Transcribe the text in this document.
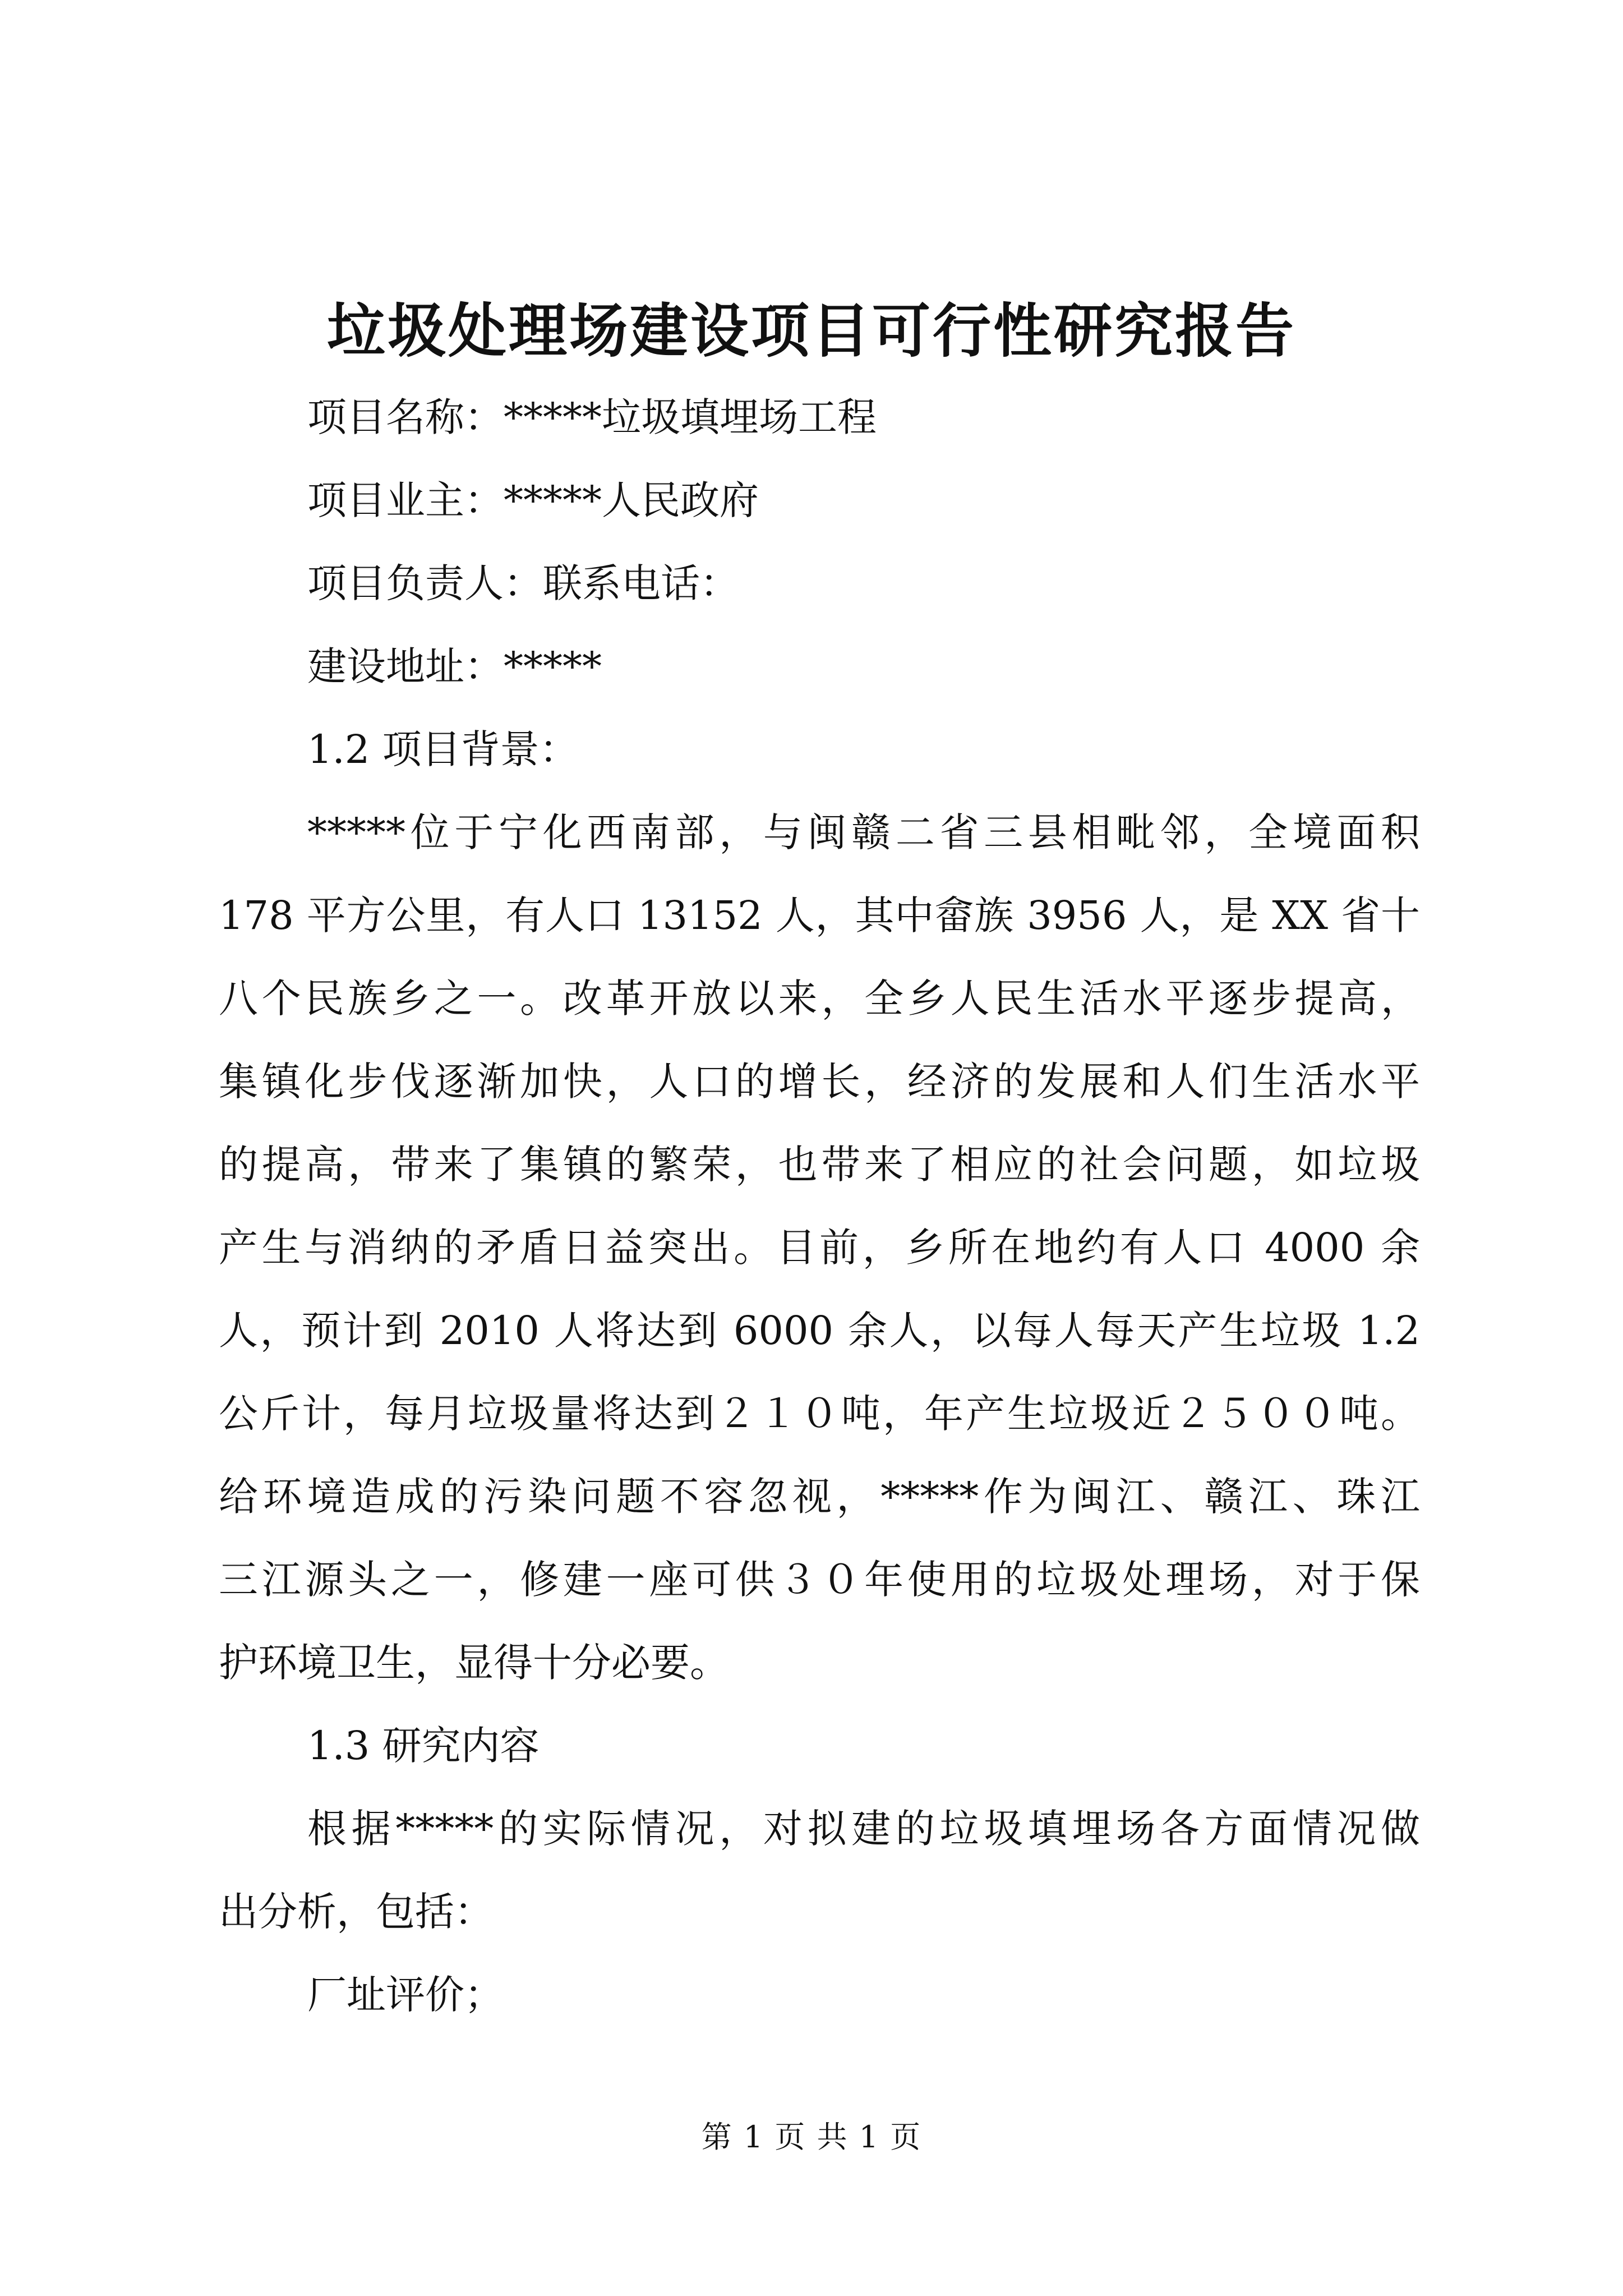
垃圾处理场建设项目可行性研究报告

项目名称：*****垃圾填埋场工程

项目业主：*****人民政府

项目负责人：联系电话：

建设地址：*****

1.2 项目背景：

*****位于宁化西南部，与闽赣二省三县相毗邻，全境面积

178 平方公里，有人口 13152 人，其中畲族 3956 人，是 XX 省十

八个民族乡之一。改革开放以来，全乡人民生活水平逐步提高，

集镇化步伐逐渐加快，人口的增长，经济的发展和人们生活水平

的提高，带来了集镇的繁荣，也带来了相应的社会问题，如垃圾

产生与消纳的矛盾日益突出。目前，乡所在地约有人口 4000 余

人，预计到 2010 人将达到 6000 余人，以每人每天产生垃圾 1.2

公斤计，每月垃圾量将达到２１０吨，年产生垃圾近２５００吨。

给环境造成的污染问题不容忽视，*****作为闽江、赣江、珠江

三江源头之一，修建一座可供３０年使用的垃圾处理场，对于保

护环境卫生，显得十分必要。

1.3 研究内容

根据*****的实际情况，对拟建的垃圾填埋场各方面情况做

出分析，包括：

厂址评价；

第 1 页 共 1 页
